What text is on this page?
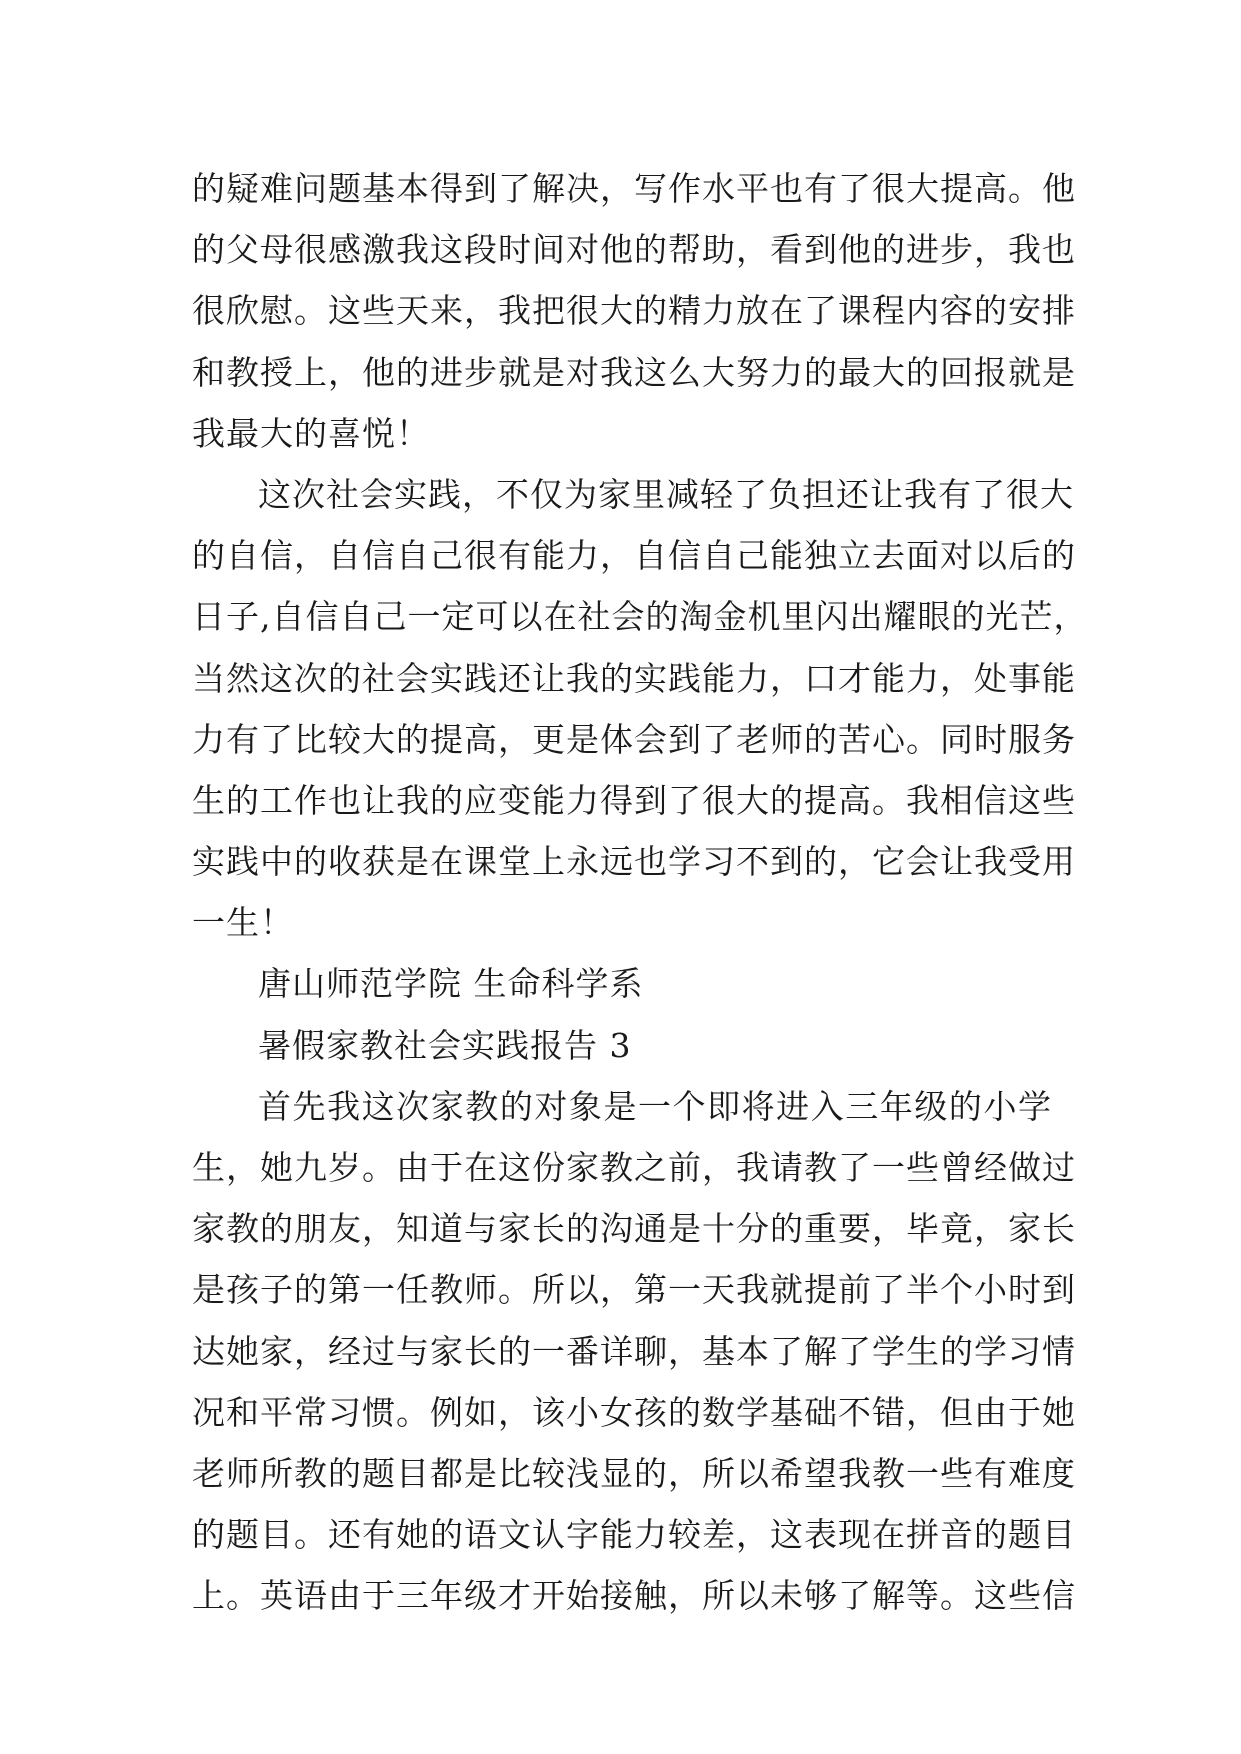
的疑难问题基本得到了解决，写作水平也有了很大提高。他
的父母很感激我这段时间对他的帮助，看到他的进步，我也
很欣慰。这些天来，我把很大的精力放在了课程内容的安排
和教授上，他的进步就是对我这么大努力的最大的回报就是
我最大的喜悦！
这次社会实践，不仅为家里减轻了负担还让我有了很大
的自信，自信自己很有能力，自信自己能独立去面对以后的
日子,自信自己一定可以在社会的淘金机里闪出耀眼的光芒，
当然这次的社会实践还让我的实践能力，口才能力，处事能
力有了比较大的提高，更是体会到了老师的苦心。同时服务
生的工作也让我的应变能力得到了很大的提高。我相信这些
实践中的收获是在课堂上永远也学习不到的，它会让我受用
一生！
唐山师范学院 生命科学系
暑假家教社会实践报告 3
首先我这次家教的对象是一个即将进入三年级的小学
生，她九岁。由于在这份家教之前，我请教了一些曾经做过
家教的朋友，知道与家长的沟通是十分的重要，毕竟，家长
是孩子的第一任教师。所以，第一天我就提前了半个小时到
达她家，经过与家长的一番详聊，基本了解了学生的学习情
况和平常习惯。例如，该小女孩的数学基础不错，但由于她
老师所教的题目都是比较浅显的，所以希望我教一些有难度
的题目。还有她的语文认字能力较差，这表现在拼音的题目
上。英语由于三年级才开始接触，所以未够了解等。这些信
